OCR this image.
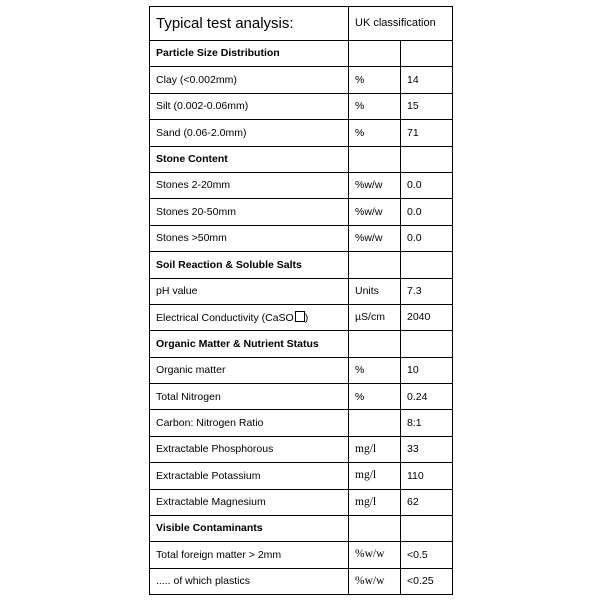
Typical test analysis:	UK classification	
Particle Size Distribution		
Clay (<0.002mm)	%	14
Silt (0.002-0.06mm)	%	15
Sand (0.06-2.0mm)	%	71
Stone Content		
Stones 2-20mm	%w/w	0.0
Stones 20-50mm	%w/w	0.0
Stones >50mm	%w/w	0.0
Soil Reaction & Soluble Salts		
pH value	Units	7.3
Electrical Conductivity (CaSO )	µS/cm	2040
Organic Matter & Nutrient Status		
Organic matter	%	10
Total Nitrogen	%	0.24
Carbon: Nitrogen Ratio		8:1
Extractable Phosphorous	mg/l	33
Extractable Potassium	mg/l	110
Extractable Magnesium	mg/l	62
Visible Contaminants		
Total foreign matter > 2mm	%w/w	<0.5
..... of which plastics	%w/w	<0.25
